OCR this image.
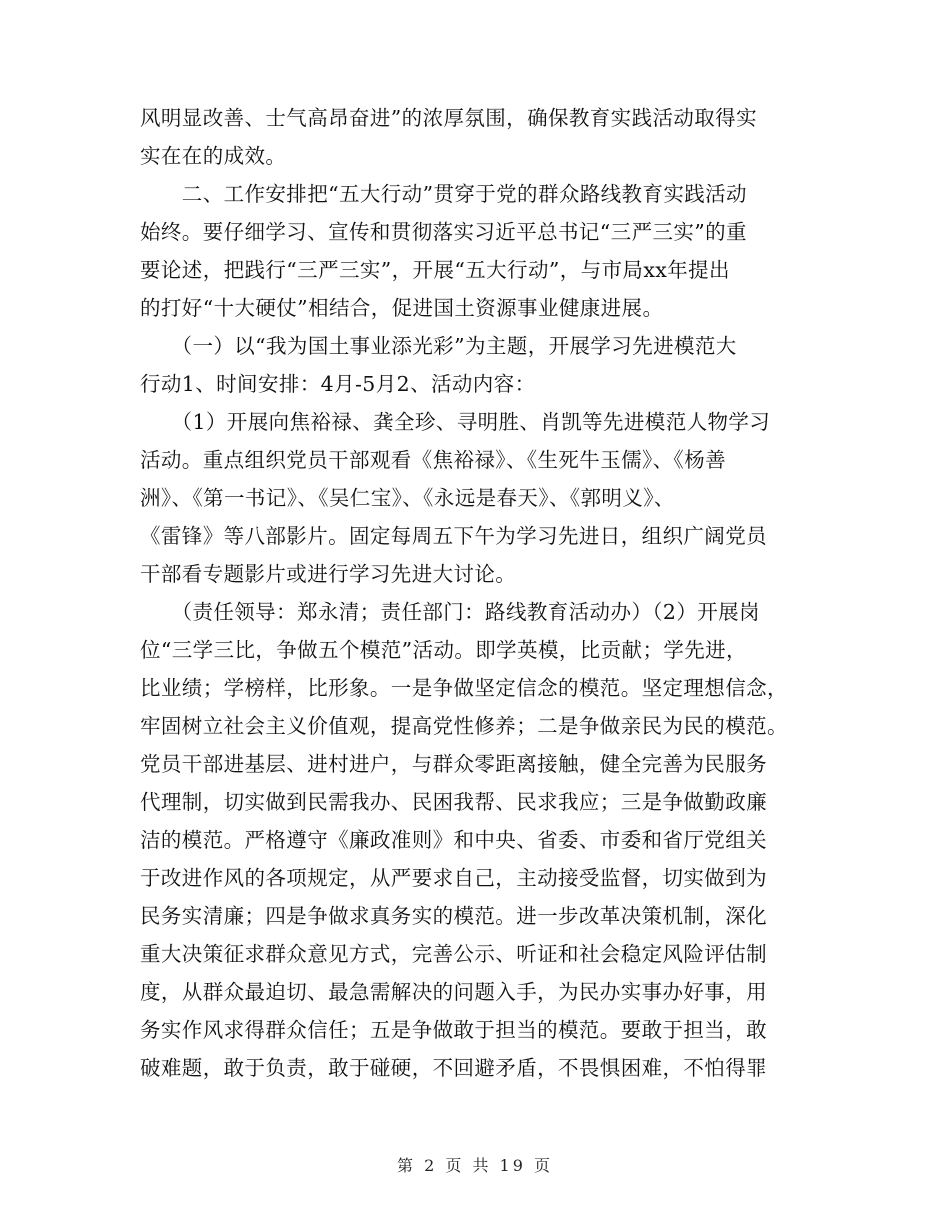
风明显改善、士气高昂奋进”的浓厚氛围，确保教育实践活动取得实
实在在的成效。
　　二、工作安排把“五大行动”贯穿于党的群众路线教育实践活动
始终。要仔细学习、宣传和贯彻落实习近平总书记“三严三实”的重
要论述，把践行“三严三实”，开展“五大行动”，与市局xx年提出
的打好“十大硬仗”相结合，促进国土资源事业健康进展。
　　（一）以“我为国土事业添光彩”为主题，开展学习先进模范大
行动1、时间安排：4月-5月2、活动内容：
　　（1）开展向焦裕禄、龚全珍、寻明胜、肖凯等先进模范人物学习
活动。重点组织党员干部观看《焦裕禄》、《生死牛玉儒》、《杨善
洲》、《第一书记》、《吴仁宝》、《永远是春天》、《郭明义》、
《雷锋》等八部影片。固定每周五下午为学习先进日，组织广阔党员
干部看专题影片或进行学习先进大讨论。
　　（责任领导：郑永清；责任部门：路线教育活动办）（2）开展岗
位“三学三比，争做五个模范”活动。即学英模，比贡献；学先进，
比业绩；学榜样，比形象。一是争做坚定信念的模范。坚定理想信念，
牢固树立社会主义价值观，提高党性修养；二是争做亲民为民的模范。
党员干部进基层、进村进户，与群众零距离接触，健全完善为民服务
代理制，切实做到民需我办、民困我帮、民求我应；三是争做勤政廉
洁的模范。严格遵守《廉政准则》和中央、省委、市委和省厅党组关
于改进作风的各项规定，从严要求自己，主动接受监督，切实做到为
民务实清廉；四是争做求真务实的模范。进一步改革决策机制，深化
重大决策征求群众意见方式，完善公示、听证和社会稳定风险评估制
度，从群众最迫切、最急需解决的问题入手，为民办实事办好事，用
务实作风求得群众信任；五是争做敢于担当的模范。要敢于担当，敢
破难题，敢于负责，敢于碰硬，不回避矛盾，不畏惧困难，不怕得罪
第 2 页 共 19 页
